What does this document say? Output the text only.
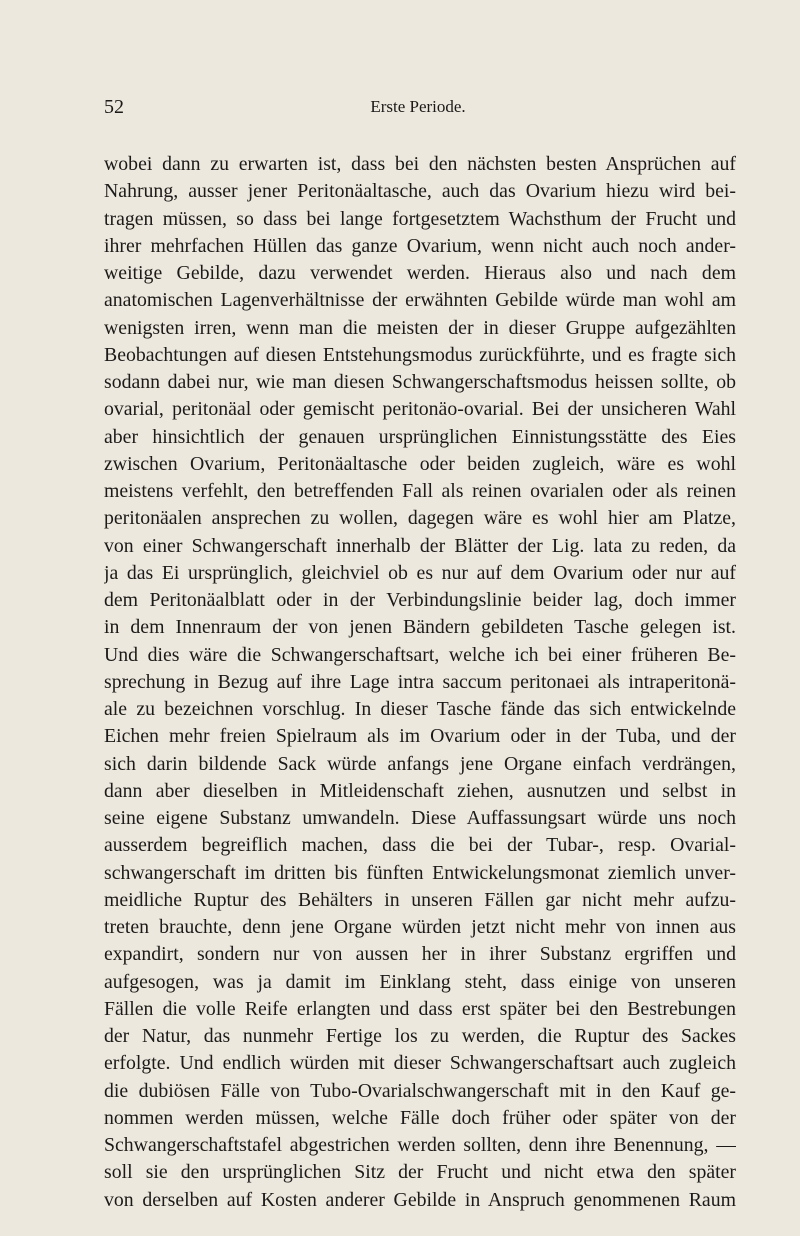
52	Erste Periode.
wobei dann zu erwarten ist, dass bei den nächsten besten Ansprüchen auf
Nahrung, ausser jener Peritonäaltasche, auch das Ovarium hiezu wird bei-
tragen müssen, so dass bei lange fortgesetztem Wachsthum der Frucht und
ihrer mehrfachen Hüllen das ganze Ovarium, wenn nicht auch noch ander-
weitige Gebilde, dazu verwendet werden. Hieraus also und nach dem
anatomischen Lagenverhältnisse der erwähnten Gebilde würde man wohl am
wenigsten irren, wenn man die meisten der in dieser Gruppe aufgezählten
Beobachtungen auf diesen Entstehungsmodus zurückführte, und es fragte sich
sodann dabei nur, wie man diesen Schwangerschaftsmodus heissen sollte, ob
ovarial, peritonäal oder gemischt peritonäo-ovarial. Bei der unsicheren Wahl
aber hinsichtlich der genauen ursprünglichen Einnistungsstätte des Eies
zwischen Ovarium, Peritonäaltasche oder beiden zugleich, wäre es wohl
meistens verfehlt, den betreffenden Fall als reinen ovarialen oder als reinen
peritonäalen ansprechen zu wollen, dagegen wäre es wohl hier am Platze,
von einer Schwangerschaft innerhalb der Blätter der Lig. lata zu reden, da
ja das Ei ursprünglich, gleichviel ob es nur auf dem Ovarium oder nur auf
dem Peritonäalblatt oder in der Verbindungslinie beider lag, doch immer
in dem Innenraum der von jenen Bändern gebildeten Tasche gelegen ist.
Und dies wäre die Schwangerschaftsart, welche ich bei einer früheren Be-
sprechung in Bezug auf ihre Lage intra saccum peritonaei als intraperitonä-
ale zu bezeichnen vorschlug. In dieser Tasche fände das sich entwickelnde
Eichen mehr freien Spielraum als im Ovarium oder in der Tuba, und der
sich darin bildende Sack würde anfangs jene Organe einfach verdrängen,
dann aber dieselben in Mitleidenschaft ziehen, ausnutzen und selbst in
seine eigene Substanz umwandeln. Diese Auffassungsart würde uns noch
ausserdem begreiflich machen, dass die bei der Tubar-, resp. Ovarial-
schwangerschaft im dritten bis fünften Entwickelungsmonat ziemlich unver-
meidliche Ruptur des Behälters in unseren Fällen gar nicht mehr aufzu-
treten brauchte, denn jene Organe würden jetzt nicht mehr von innen aus
expandirt, sondern nur von aussen her in ihrer Substanz ergriffen und
aufgesogen, was ja damit im Einklang steht, dass einige von unseren
Fällen die volle Reife erlangten und dass erst später bei den Bestrebungen
der Natur, das nunmehr Fertige los zu werden, die Ruptur des Sackes
erfolgte. Und endlich würden mit dieser Schwangerschaftsart auch zugleich
die dubiösen Fälle von Tubo-Ovarialschwangerschaft mit in den Kauf ge-
nommen werden müssen, welche Fälle doch früher oder später von der
Schwangerschaftstafel abgestrichen werden sollten, denn ihre Benennung, —
soll sie den ursprünglichen Sitz der Frucht und nicht etwa den später
von derselben auf Kosten anderer Gebilde in Anspruch genommenen Raum
